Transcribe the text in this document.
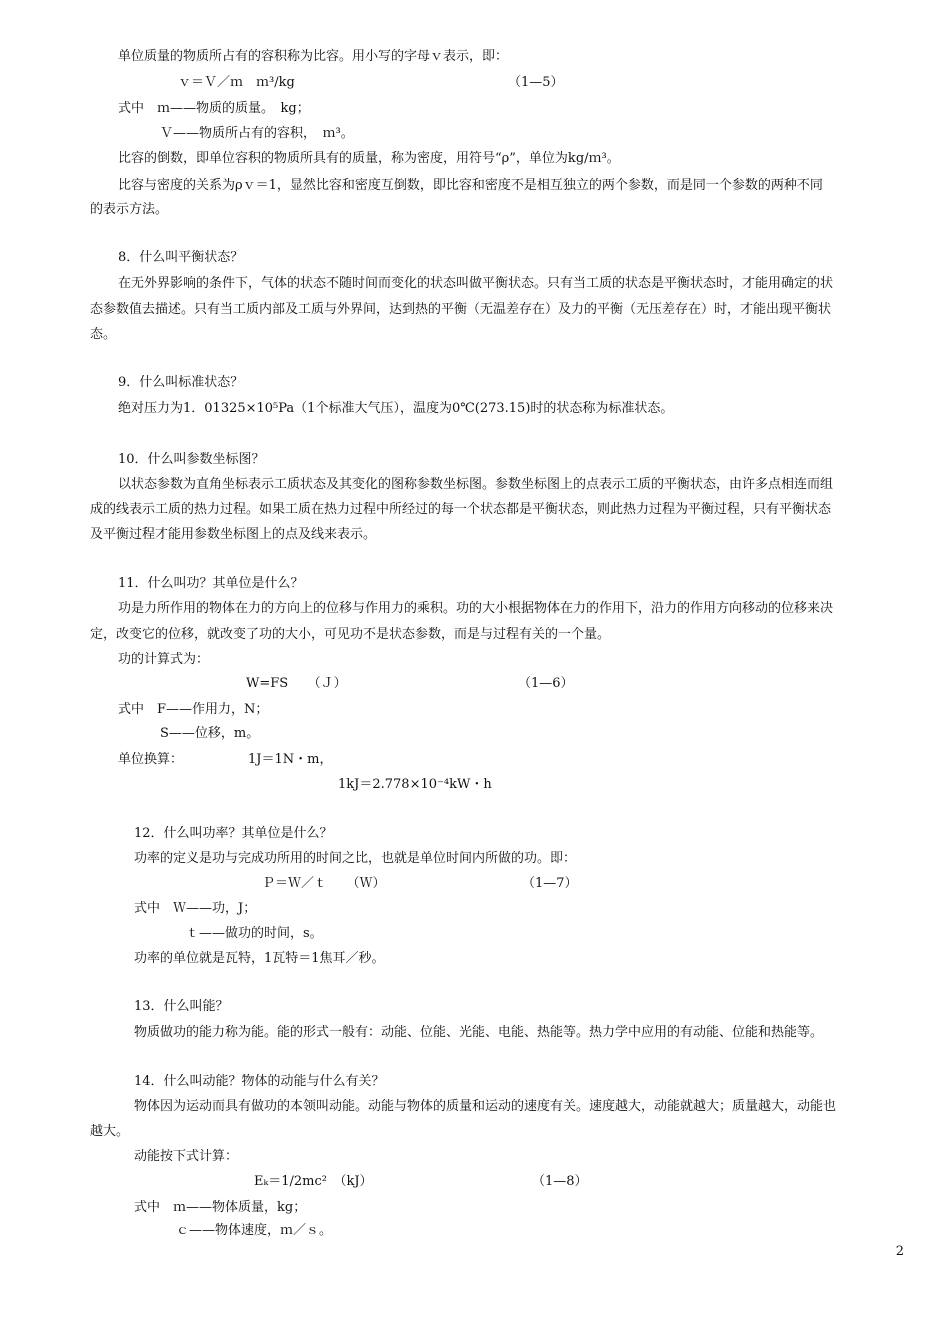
单位质量的物质所占有的容积称为比容。用小写的字母ｖ表示，即：
ｖ＝Ｖ／ｍ　ｍ³/kg	（1—5）
式中　ｍ——物质的质量。　kg；
Ｖ——物质所占有的容积，　ｍ³。
比容的倒数，即单位容积的物质所具有的质量，称为密度，用符号“ρ”，单位为kg/ｍ³。
比容与密度的关系为ρｖ＝1，显然比容和密度互倒数，即比容和密度不是相互独立的两个参数，而是同一个参数的两种不同
的表示方法。
8．什么叫平衡状态？
在无外界影响的条件下，气体的状态不随时间而变化的状态叫做平衡状态。只有当工质的状态是平衡状态时，才能用确定的状
态参数值去描述。只有当工质内部及工质与外界间，达到热的平衡（无温差存在）及力的平衡（无压差存在）时，才能出现平衡状
态。
9．什么叫标准状态？
绝对压力为1．01325×10⁵Pa（1个标准大气压），温度为0℃(273.15)时的状态称为标准状态。
10．什么叫参数坐标图？
以状态参数为直角坐标表示工质状态及其变化的图称参数坐标图。参数坐标图上的点表示工质的平衡状态，由许多点相连而组
成的线表示工质的热力过程。如果工质在热力过程中所经过的每一个状态都是平衡状态，则此热力过程为平衡过程，只有平衡状态
及平衡过程才能用参数坐标图上的点及线来表示。
11．什么叫功？其单位是什么？
功是力所作用的物体在力的方向上的位移与作用力的乘积。功的大小根据物体在力的作用下，沿力的作用方向移动的位移来决
定，改变它的位移，就改变了功的大小，可见功不是状态参数，而是与过程有关的一个量。
功的计算式为：
W=FS　　（Ｊ）	（1—6）
式中　F——作用力，N；
S——位移，m。
单位换算：	1J＝1N・m，
1kJ＝2.778×10⁻⁴kW・h
12．什么叫功率？其单位是什么？
功率的定义是功与完成功所用的时间之比，也就是单位时间内所做的功。即：
Ｐ＝Ｗ／ｔ　　（Ｗ）	（1—7）
式中　Ｗ——功，J；
ｔ——做功的时间，s。
功率的单位就是瓦特，1瓦特＝1焦耳／秒。
13．什么叫能？
物质做功的能力称为能。能的形式一般有：动能、位能、光能、电能、热能等。热力学中应用的有动能、位能和热能等。
14．什么叫动能？物体的动能与什么有关？
物体因为运动而具有做功的本领叫动能。动能与物体的质量和运动的速度有关。速度越大，动能就越大；质量越大，动能也
越大。
动能按下式计算：
Eₖ＝1/2mc²　（kJ）	（1—8）
式中　ｍ——物体质量，kg；
ｃ——物体速度，ｍ／ｓ。
2
